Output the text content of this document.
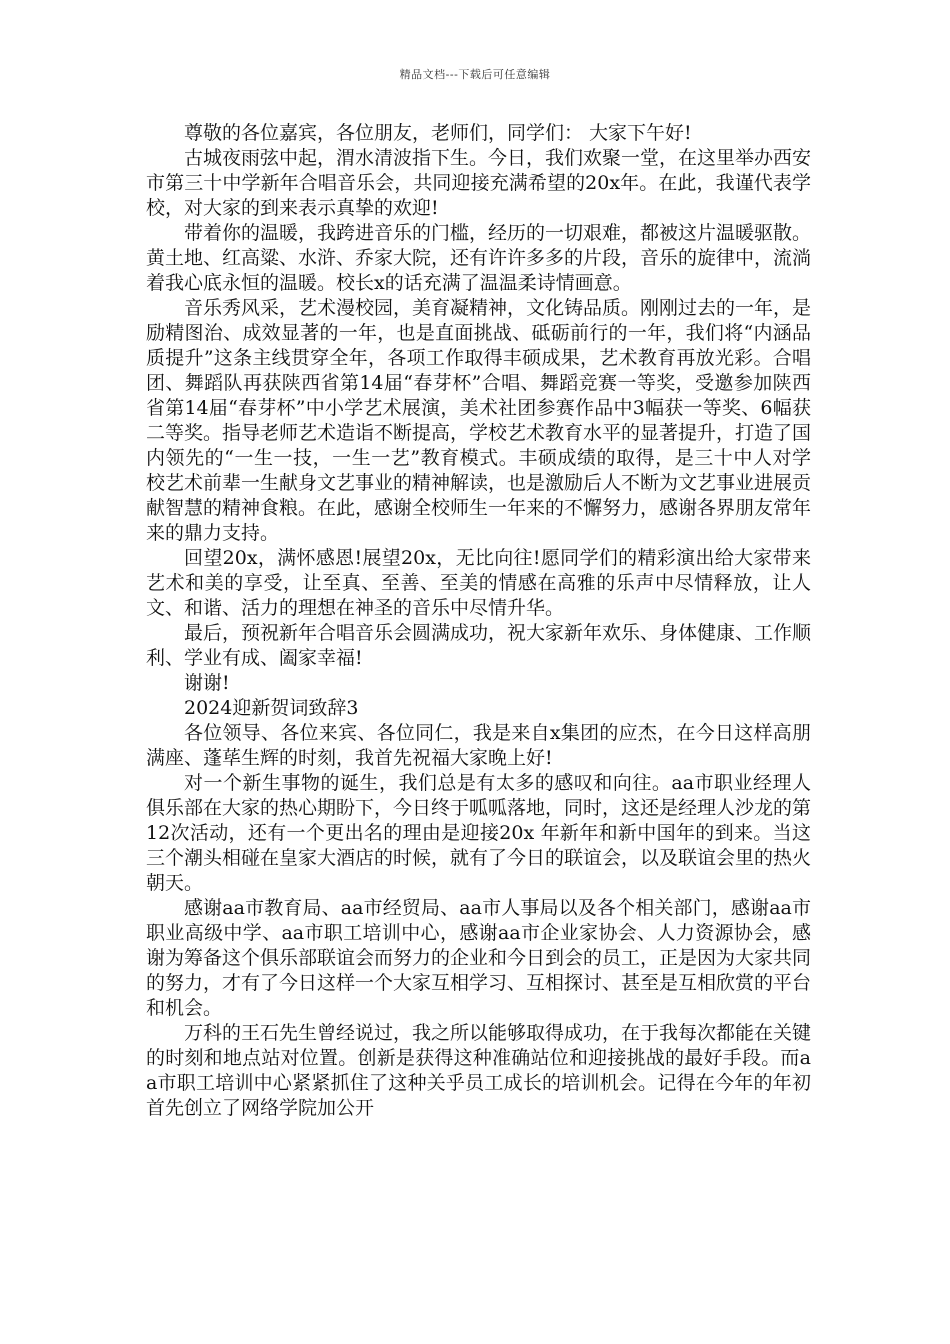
精品文档---下载后可任意编辑

尊敬的各位嘉宾，各位朋友，老师们，同学们： 大家下午好!

古城夜雨弦中起，渭水清波指下生。今日，我们欢聚一堂，在这里举办西安市第三十中学新年合唱音乐会，共同迎接充满希望的20x年。在此，我谨代表学校，对大家的到来表示真挚的欢迎!

带着你的温暖，我跨进音乐的门槛，经历的一切艰难，都被这片温暖驱散。黄土地、红高粱、水浒、乔家大院，还有许许多多的片段，音乐的旋律中，流淌着我心底永恒的温暖。校长x的话充满了温温柔诗情画意。

音乐秀风采，艺术漫校园，美育凝精神，文化铸品质。刚刚过去的一年，是励精图治、成效显著的一年，也是直面挑战、砥砺前行的一年，我们将“内涵品质提升”这条主线贯穿全年，各项工作取得丰硕成果，艺术教育再放光彩。合唱团、舞蹈队再获陕西省第14届“春芽杯”合唱、舞蹈竞赛一等奖，受邀参加陕西省第14届“春芽杯”中小学艺术展演，美术社团参赛作品中3幅获一等奖、6幅获二等奖。指导老师艺术造诣不断提高，学校艺术教育水平的显著提升，打造了国内领先的“一生一技，一生一艺”教育模式。丰硕成绩的取得，是三十中人对学校艺术前辈一生献身文艺事业的精神解读，也是激励后人不断为文艺事业进展贡献智慧的精神食粮。在此，感谢全校师生一年来的不懈努力，感谢各界朋友常年来的鼎力支持。

回望20x，满怀感恩!展望20x，无比向往!愿同学们的精彩演出给大家带来艺术和美的享受，让至真、至善、至美的情感在高雅的乐声中尽情释放，让人文、和谐、活力的理想在神圣的音乐中尽情升华。

最后，预祝新年合唱音乐会圆满成功，祝大家新年欢乐、身体健康、工作顺利、学业有成、阖家幸福!

谢谢!

2024迎新贺词致辞3

各位领导、各位来宾、各位同仁，我是来自x集团的应杰，在今日这样高朋满座、蓬荜生辉的时刻，我首先祝福大家晚上好!

对一个新生事物的诞生，我们总是有太多的感叹和向往。aa市职业经理人俱乐部在大家的热心期盼下，今日终于呱呱落地，同时，这还是经理人沙龙的第 12次活动，还有一个更出名的理由是迎接20x 年新年和新中国年的到来。当这三个潮头相碰在皇家大酒店的时候，就有了今日的联谊会，以及联谊会里的热火朝天。

感谢aa市教育局、aa市经贸局、aa市人事局以及各个相关部门，感谢aa市职业高级中学、aa市职工培训中心，感谢aa市企业家协会、人力资源协会，感谢为筹备这个俱乐部联谊会而努力的企业和今日到会的员工，正是因为大家共同的努力，才有了今日这样一个大家互相学习、互相探讨、甚至是互相欣赏的平台和机会。

万科的王石先生曾经说过，我之所以能够取得成功，在于我每次都能在关键的时刻和地点站对位置。创新是获得这种准确站位和迎接挑战的最好手段。而aa市职工培训中心紧紧抓住了这种关乎员工成长的培训机会。记得在今年的年初首先创立了网络学院加公开
